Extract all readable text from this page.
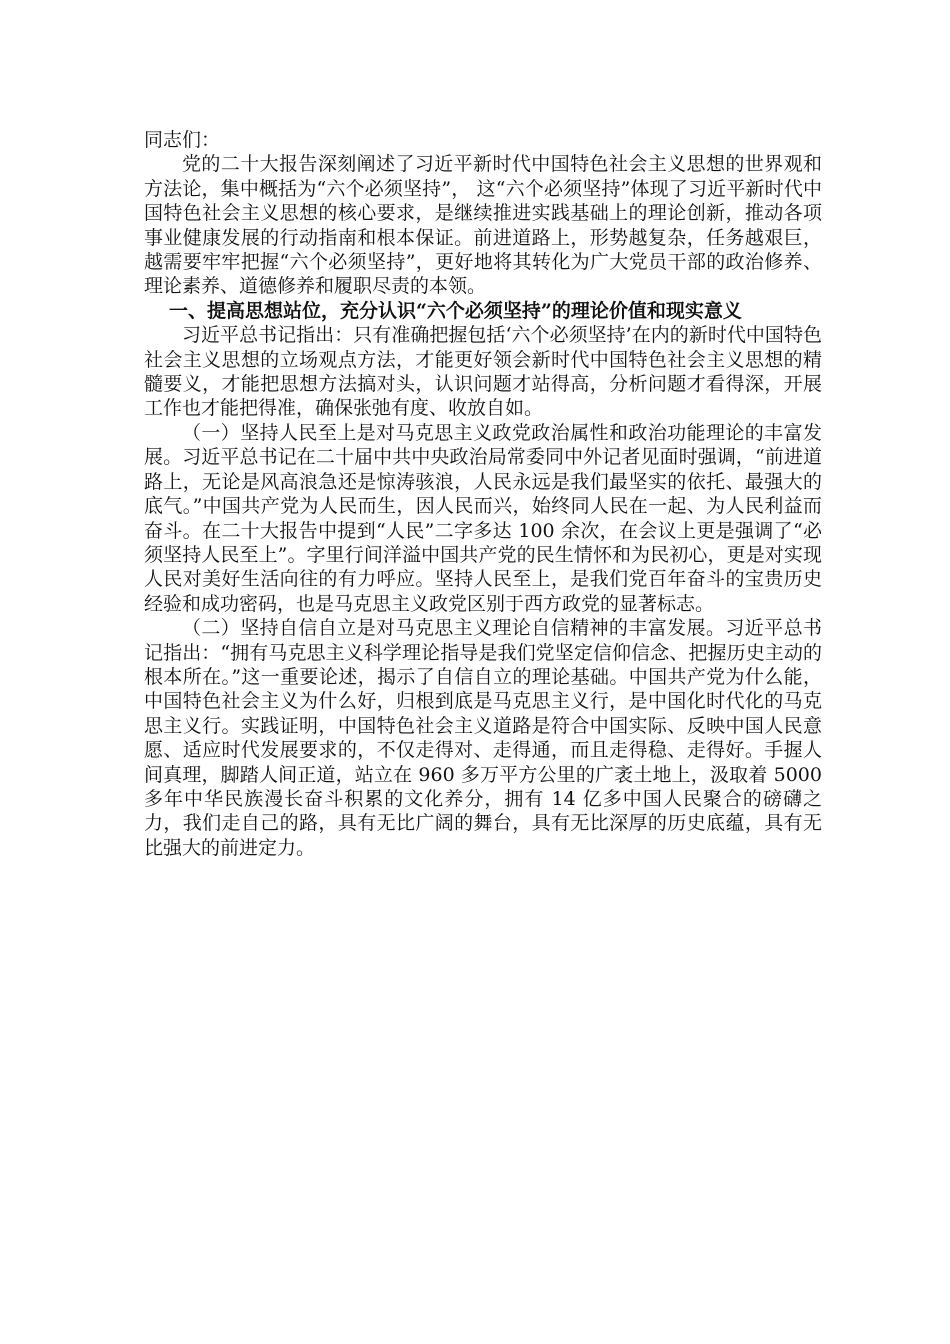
同志们：

党的二十大报告深刻阐述了习近平新时代中国特色社会主义思想的世界观和方法论，集中概括为“六个必须坚持”， 这“六个必须坚持”体现了习近平新时代中国特色社会主义思想的核心要求，是继续推进实践基础上的理论创新，推动各项事业健康发展的行动指南和根本保证。前进道路上，形势越复杂，任务越艰巨，越需要牢牢把握“六个必须坚持”，更好地将其转化为广大党员干部的政治修养、理论素养、道德修养和履职尽责的本领。

一、提高思想站位，充分认识“六个必须坚持”的理论价值和现实意义

习近平总书记指出：只有准确把握包括‘六个必须坚持’在内的新时代中国特色社会主义思想的立场观点方法，才能更好领会新时代中国特色社会主义思想的精髓要义，才能把思想方法搞对头，认识问题才站得高，分析问题才看得深，开展工作也才能把得准，确保张弛有度、收放自如。

（一）坚持人民至上是对马克思主义政党政治属性和政治功能理论的丰富发展。习近平总书记在二十届中共中央政治局常委同中外记者见面时强调，“前进道路上，无论是风高浪急还是惊涛骇浪，人民永远是我们最坚实的依托、最强大的底气。”中国共产党为人民而生，因人民而兴，始终同人民在一起、为人民利益而奋斗。在二十大报告中提到“人民”二字多达 100 余次，在会议上更是强调了“必须坚持人民至上”。字里行间洋溢中国共产党的民生情怀和为民初心，更是对实现人民对美好生活向往的有力呼应。坚持人民至上，是我们党百年奋斗的宝贵历史经验和成功密码，也是马克思主义政党区别于西方政党的显著标志。

（二）坚持自信自立是对马克思主义理论自信精神的丰富发展。习近平总书记指出：“拥有马克思主义科学理论指导是我们党坚定信仰信念、把握历史主动的根本所在。”这一重要论述，揭示了自信自立的理论基础。中国共产党为什么能，中国特色社会主义为什么好，归根到底是马克思主义行，是中国化时代化的马克思主义行。实践证明，中国特色社会主义道路是符合中国实际、反映中国人民意愿、适应时代发展要求的，不仅走得对、走得通，而且走得稳、走得好。手握人间真理，脚踏人间正道，站立在 960 多万平方公里的广袤土地上，汲取着 5000 多年中华民族漫长奋斗积累的文化养分，拥有 14 亿多中国人民聚合的磅礴之力，我们走自己的路，具有无比广阔的舞台，具有无比深厚的历史底蕴，具有无比强大的前进定力。
